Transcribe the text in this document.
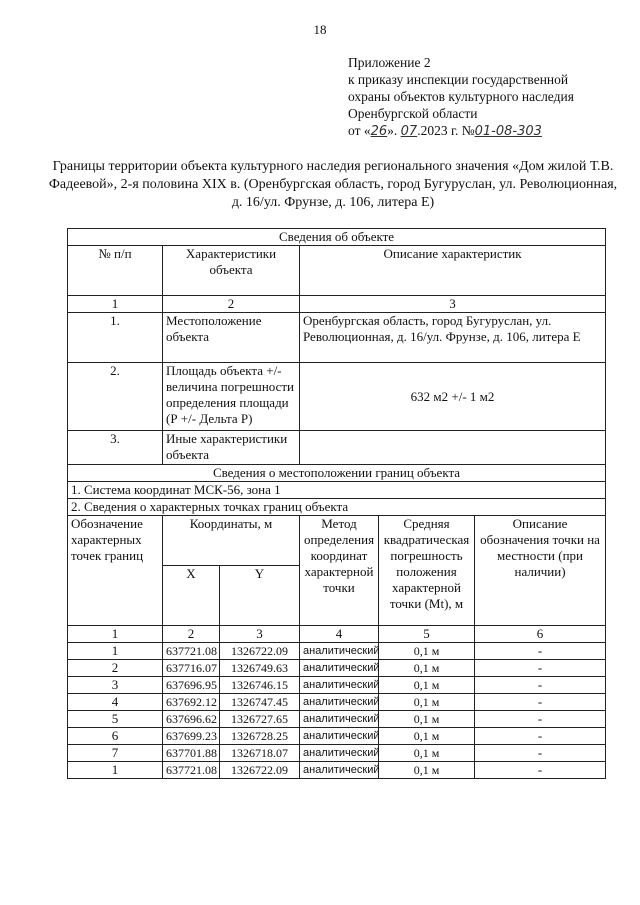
18
Приложение 2
к приказу инспекции государственной
охраны объектов культурного наследия
Оренбургской области
от «26». 07.2023 г. №01-08-303
Границы территории объекта культурного наследия регионального значения «Дом жилой Т.В. Фадеевой», 2-я половина XIX в. (Оренбургская область, город Бугуруслан, ул. Революционная, д. 16/ул. Фрунзе, д. 106, литера Е)
Сведения об объекте					
№ п/п	Характеристики объекта		Описание характеристик		
1	2		3		
1.	Местоположение объекта		Оренбургская область, город Бугуруслан, ул. Революционная, д. 16/ул. Фрунзе, д. 106, литера Е		
2.	Площадь объекта +/- величина погрешности определения площади (Р +/- Дельта Р)		632 м2 +/- 1 м2		
3.	Иные характеристики объекта				
Сведения о местоположении границ объекта					
1. Система координат МСК-56, зона 1					
2. Сведения о характерных точках границ объекта					
Обозначение характерных точек границ	Координаты, м		Метод определения координат характерной точки	Средняя квадратическая погрешность положения характерной точки (Mt), м	Описание обозначения точки на местности (при наличии)
	X	Y			
1	2	3	4	5	6
1	637721.08	1326722.09	аналитический	0,1 м	-
2	637716.07	1326749.63	аналитический	0,1 м	-
3	637696.95	1326746.15	аналитический	0,1 м	-
4	637692.12	1326747.45	аналитический	0,1 м	-
5	637696.62	1326727.65	аналитический	0,1 м	-
6	637699.23	1326728.25	аналитический	0,1 м	-
7	637701.88	1326718.07	аналитический	0,1 м	-
1	637721.08	1326722.09	аналитический	0,1 м	-
